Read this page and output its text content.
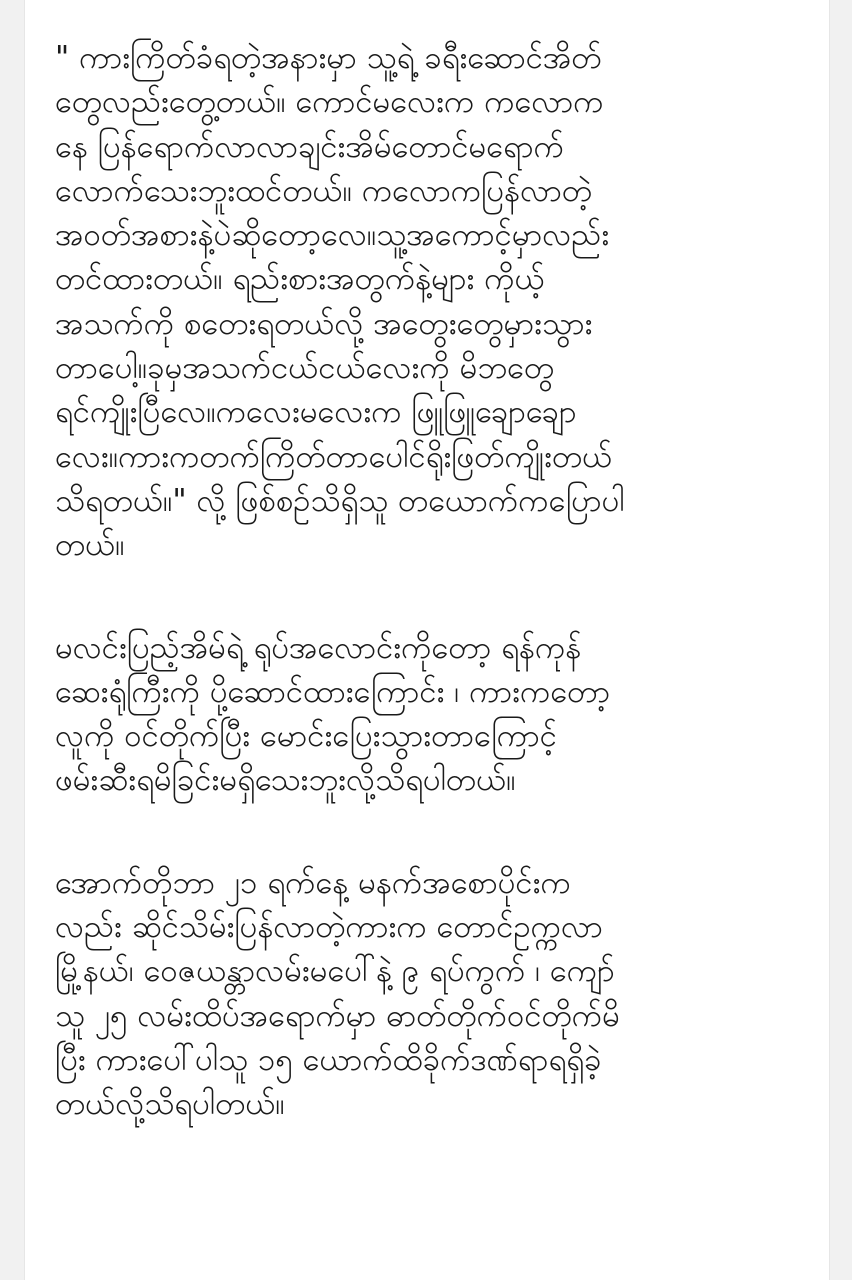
" ကားကြိတ်ခံရတဲ့အနားမှာ သူ့ရဲ့ ခရီးဆောင်အိတ်
တွေလည်းတွေ့တယ်။ ကောင်မလေးက ကလောက
နေ ပြန်ရောက်လာလာချင်းအိမ်တောင်မရောက်
လောက်သေးဘူးထင်တယ်။ ကလောကပြန်လာတဲ့
အဝတ်အစားနဲ့ပဲဆိုတော့လေ။သူ့အကောင့်မှာလည်း
တင်ထားတယ်။ ရည်းစားအတွက်နဲ့များ ကိုယ့်
အသက်ကို စတေးရတယ်လို့ အတွေးတွေမှားသွား
တာပေါ့။ခုမှအသက်ငယ်ငယ်လေးကို မိဘတွေ
ရင်ကျိုးပြီလေ။ကလေးမလေးက ဖြူဖြူချောချော
လေး။ကားကတက်ကြိတ်တာပေါင်ရိုးဖြတ်ကျိုးတယ်
သိရတယ်။" လို့ ဖြစ်စဉ်သိရှိသူ တယောက်ကပြောပါ
တယ်။

မလင်းပြည့်အိမ်ရဲ့ ရုပ်အလောင်းကိုတော့ ရန်ကုန်
ဆေးရုံကြီးကို ပို့ဆောင်ထားကြောင်း ၊ ကားကတော့
လူကို ဝင်တိုက်ပြီး မောင်းပြေးသွားတာကြောင့်
ဖမ်းဆီးရမိခြင်းမရှိသေးဘူးလို့သိရပါတယ်။

အောက်တိုဘာ ၂၁ ရက်နေ့ မနက်အစောပိုင်းက
လည်း ဆိုင်သိမ်းပြန်လာတဲ့ကားက တောင်ဥက္ကလာ
မြို့နယ်၊ ဝေဇယန္တာလမ်းမပေါ်နဲ့ ၉ ရပ်ကွက် ၊ ကျော်
သူ ၂၅ လမ်းထိပ်အရောက်မှာ ဓာတ်တိုက်ဝင်တိုက်မိ
ပြီး ကားပေါ်ပါသူ ၁၅ ယောက်ထိခိုက်ဒဏ်ရာရရှိခဲ့
တယ်လို့သိရပါတယ်။
